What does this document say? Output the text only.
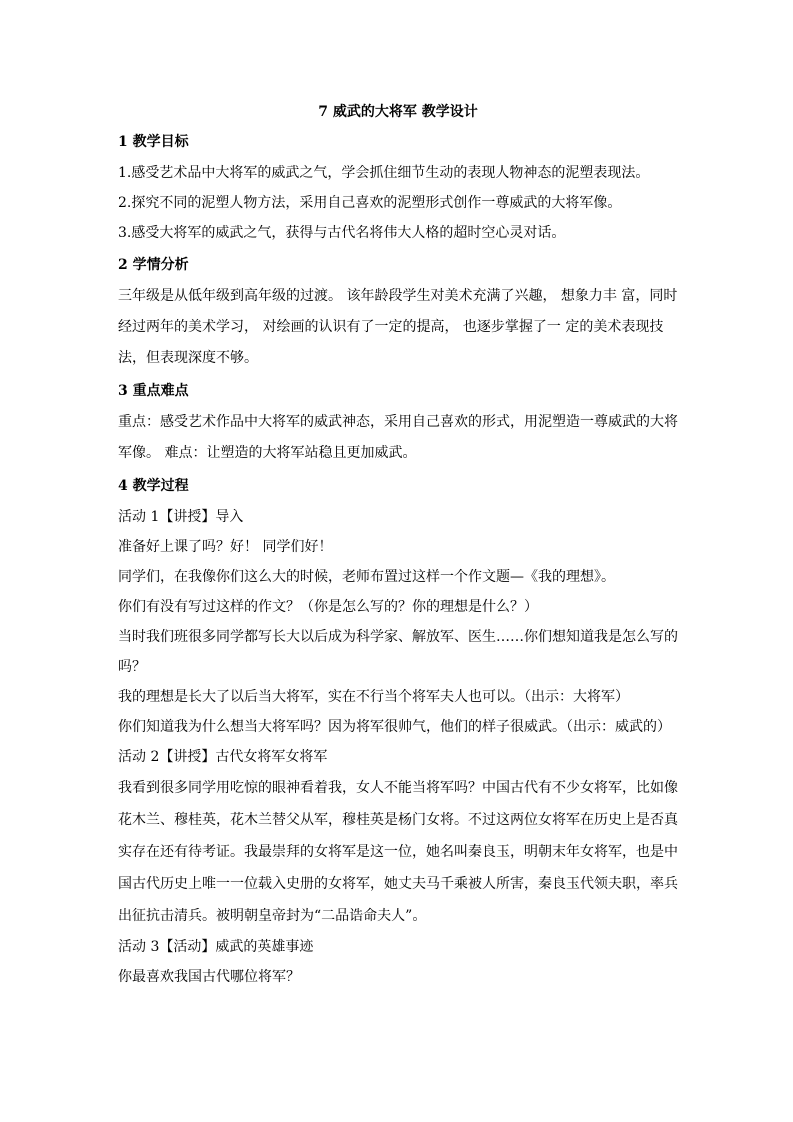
7 威武的大将军 教学设计
1 教学目标
1.感受艺术品中大将军的威武之气，学会抓住细节生动的表现人物神态的泥塑表现法。
2.探究不同的泥塑人物方法，采用自己喜欢的泥塑形式创作一尊威武的大将军像。
3.感受大将军的威武之气，获得与古代名将伟大人格的超时空心灵对话。
2 学情分析
三年级是从低年级到高年级的过渡。 该年龄段学生对美术充满了兴趣， 想象力丰 富，同时经过两年的美术学习， 对绘画的认识有了一定的提高， 也逐步掌握了一 定的美术表现技法，但表现深度不够。
3 重点难点
重点：感受艺术作品中大将军的威武神态，采用自己喜欢的形式，用泥塑造一尊威武的大将军像。 难点：让塑造的大将军站稳且更加威武。
4 教学过程
活动 1【讲授】导入
准备好上课了吗？好！ 同学们好！
同学们，在我像你们这么大的时候，老师布置过这样一个作文题—《我的理想》。
你们有没有写过这样的作文？（你是怎么写的？你的理想是什么？）
当时我们班很多同学都写长大以后成为科学家、解放军、医生……你们想知道我是怎么写的吗？
我的理想是长大了以后当大将军，实在不行当个将军夫人也可以。（出示：大将军）
你们知道我为什么想当大将军吗？因为将军很帅气，他们的样子很威武。（出示：威武的）
活动 2【讲授】古代女将军女将军
我看到很多同学用吃惊的眼神看着我，女人不能当将军吗？中国古代有不少女将军，比如像花木兰、穆桂英，花木兰替父从军，穆桂英是杨门女将。不过这两位女将军在历史上是否真实存在还有待考证。我最崇拜的女将军是这一位，她名叫秦良玉，明朝末年女将军，也是中国古代历史上唯一一位载入史册的女将军，她丈夫马千乘被人所害，秦良玉代领夫职，率兵出征抗击清兵。被明朝皇帝封为“二品诰命夫人”。
活动 3【活动】威武的英雄事迹
你最喜欢我国古代哪位将军？
